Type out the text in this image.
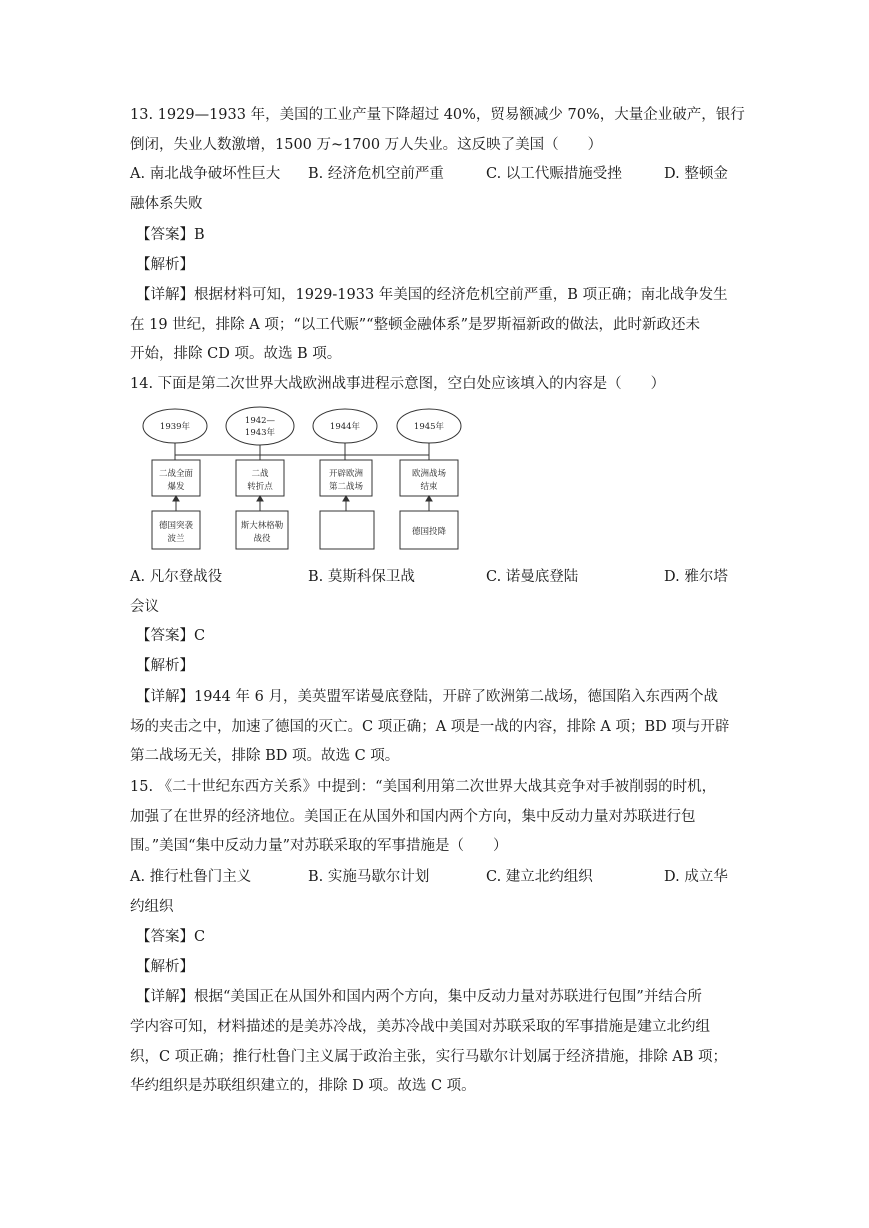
13. 1929—1933 年，美国的工业产量下降超过 40%，贸易额减少 70%，大量企业破产，银行
倒闭，失业人数激增，1500 万~1700 万人失业。这反映了美国（　　）
A. 南北战争破坏性巨大	B. 经济危机空前严重	C. 以工代赈措施受挫	D. 整顿金
融体系失败
【答案】B
【解析】
【详解】根据材料可知，1929-1933 年美国的经济危机空前严重，B 项正确；南北战争发生
在 19 世纪，排除 A 项；“以工代赈”“整顿金融体系”是罗斯福新政的做法，此时新政还未
开始，排除 CD 项。故选 B 项。
14. 下面是第二次世界大战欧洲战事进程示意图，空白处应该填入的内容是（　　）
1939年
1942—
1943年
1944年	1945年
二战全面
爆发
二战
转折点
开辟欧洲
第二战场
欧洲战场
结束
德国突袭
波兰
斯大林格勒
战役
德国投降
A. 凡尔登战役	B. 莫斯科保卫战	C. 诺曼底登陆	D. 雅尔塔
会议
【答案】C
【解析】
【详解】1944 年 6 月，美英盟军诺曼底登陆，开辟了欧洲第二战场，德国陷入东西两个战
场的夹击之中，加速了德国的灭亡。C 项正确；A 项是一战的内容，排除 A 项；BD 项与开辟
第二战场无关，排除 BD 项。故选 C 项。
15. 《二十世纪东西方关系》中提到：“美国利用第二次世界大战其竞争对手被削弱的时机，
加强了在世界的经济地位。美国正在从国外和国内两个方向，集中反动力量对苏联进行包
围。”美国“集中反动力量”对苏联采取的军事措施是（　　）
A. 推行杜鲁门主义	B. 实施马歇尔计划	C. 建立北约组织	D. 成立华
约组织
【答案】C
【解析】
【详解】根据“美国正在从国外和国内两个方向，集中反动力量对苏联进行包围”并结合所
学内容可知，材料描述的是美苏冷战，美苏冷战中美国对苏联采取的军事措施是建立北约组
织，C 项正确；推行杜鲁门主义属于政治主张，实行马歇尔计划属于经济措施，排除 AB 项；
华约组织是苏联组织建立的，排除 D 项。故选 C 项。
